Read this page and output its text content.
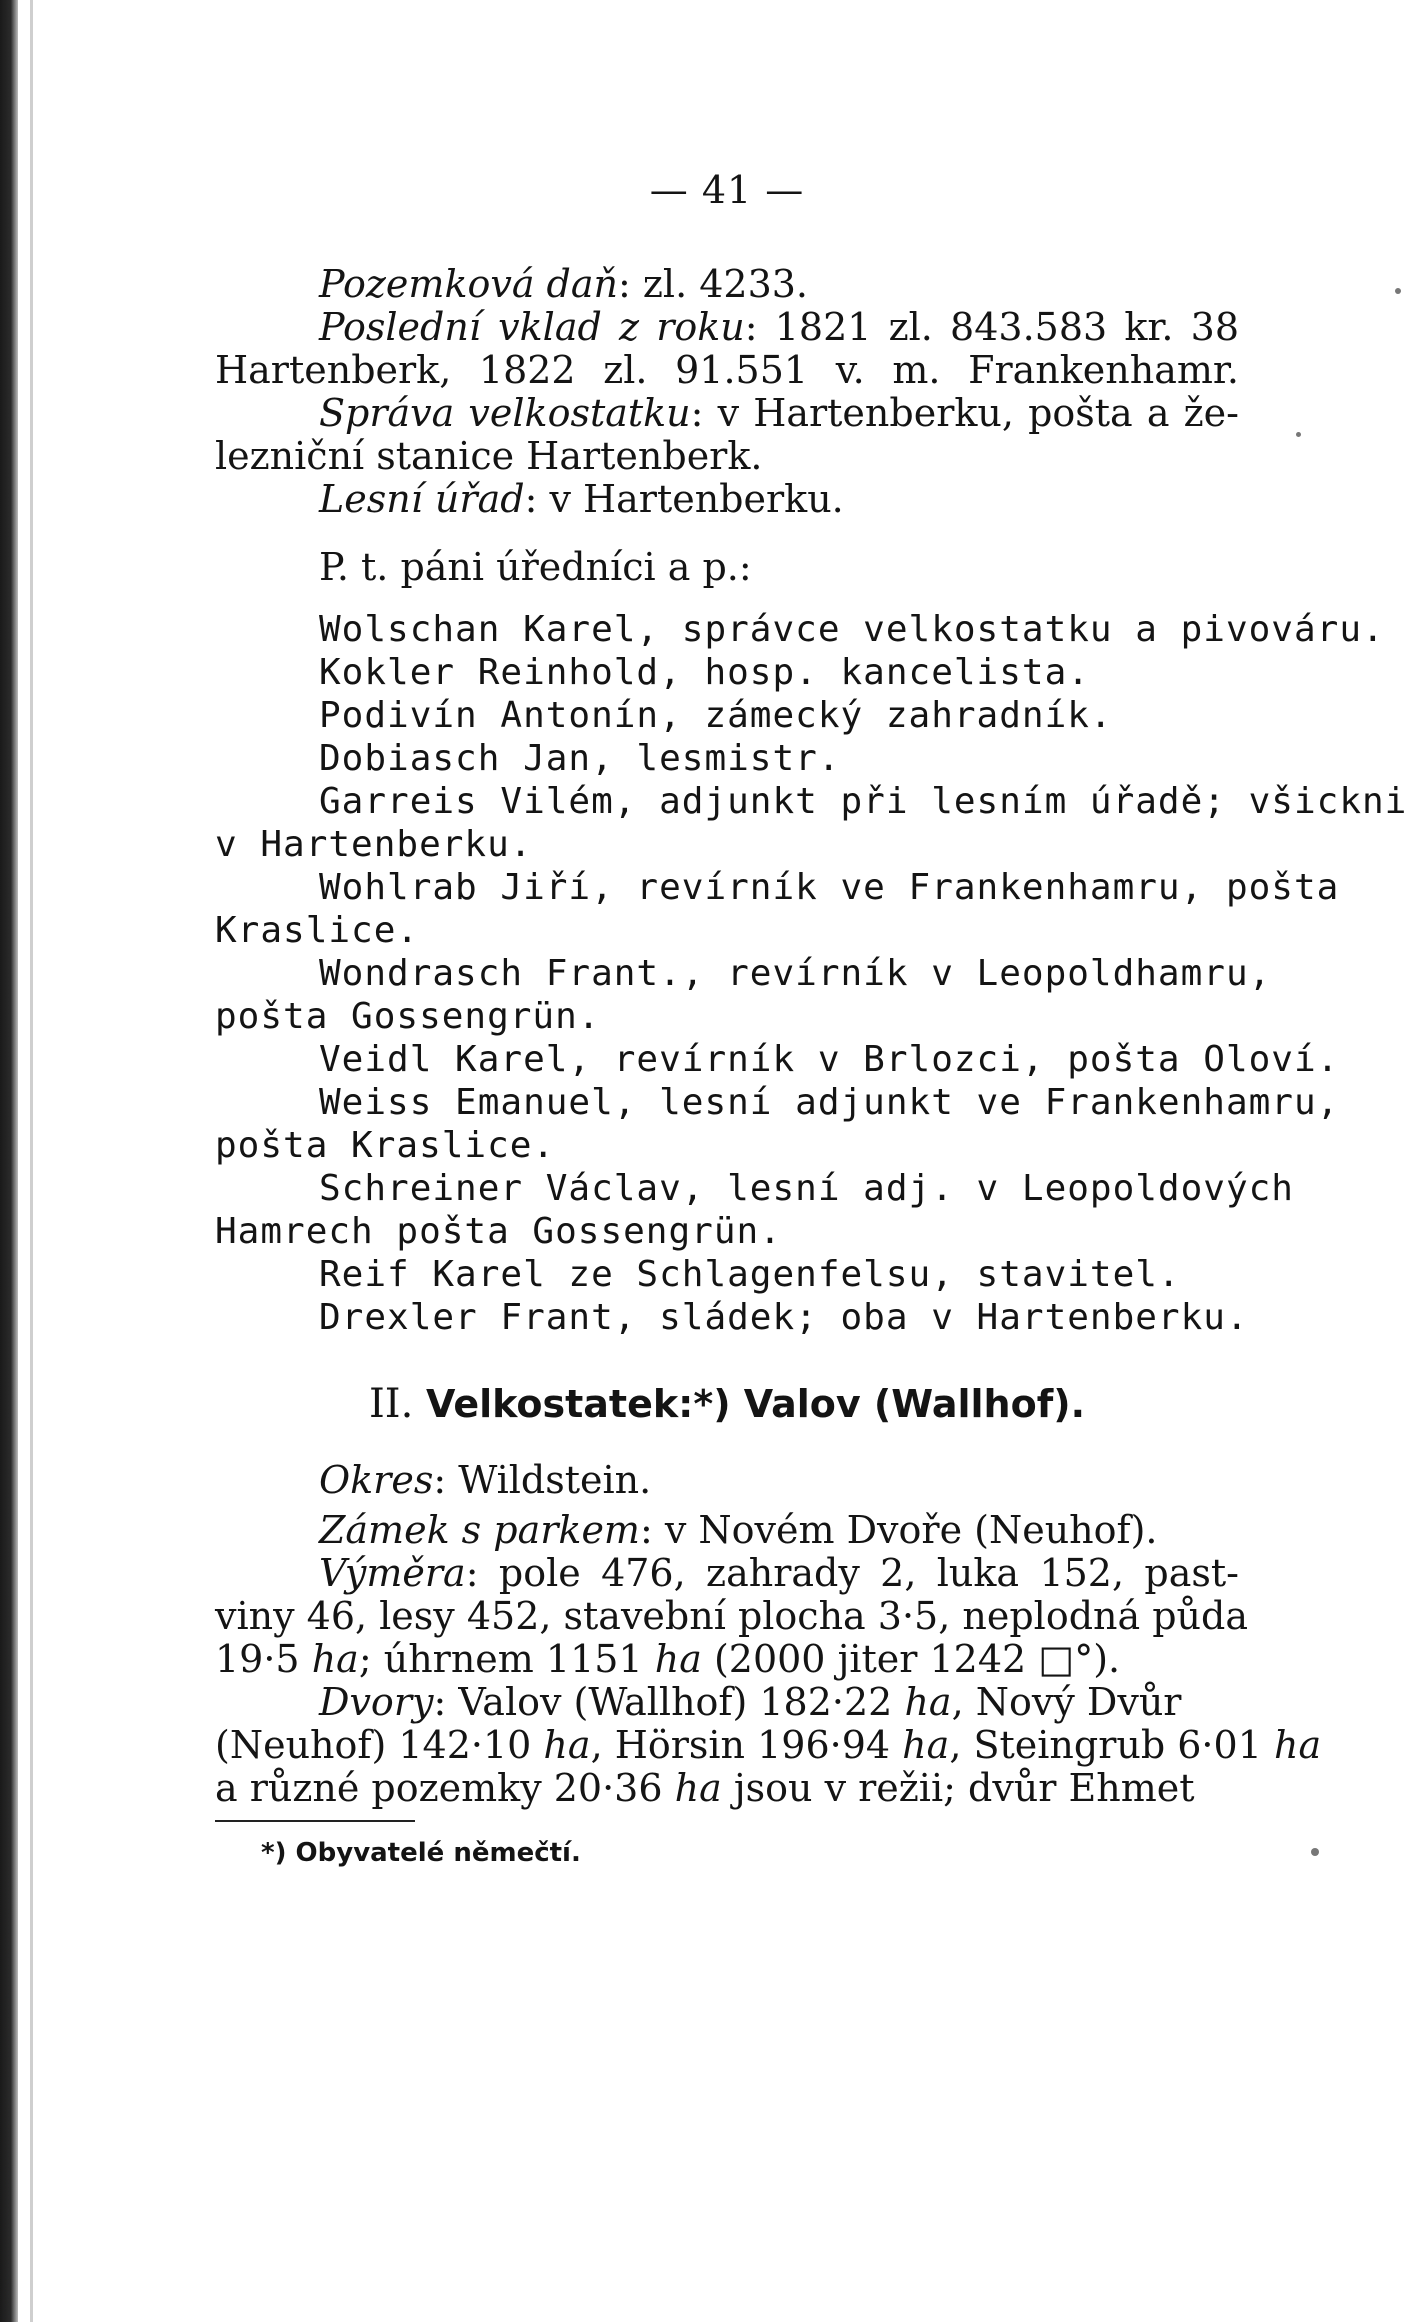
— 41 —
Pozemková daň: zl. 4233.
Poslední vklad z roku: 1821 zl. 843.583 kr. 38
Hartenberk, 1822 zl. 91.551 v. m. Frankenhamr.
Správa velkostatku: v Hartenberku, pošta a že-
lezniční stanice Hartenberk.
Lesní úřad: v Hartenberku.
P. t. páni úředníci a p.:
Wolschan Karel, správce velkostatku a pivováru.
Kokler Reinhold, hosp. kancelista.
Podivín Antonín, zámecký zahradník.
Dobiasch Jan, lesmistr.
Garreis Vilém, adjunkt při lesním úřadě; všickni
v Hartenberku.
Wohlrab Jiří, revírník ve Frankenhamru, pošta
Kraslice.
Wondrasch Frant., revírník v Leopoldhamru,
pošta Gossengrün.
Veidl Karel, revírník v Brlozci, pošta Oloví.
Weiss Emanuel, lesní adjunkt ve Frankenhamru,
pošta Kraslice.
Schreiner Václav, lesní adj. v Leopoldových
Hamrech pošta Gossengrün.
Reif Karel ze Schlagenfelsu, stavitel.
Drexler Frant, sládek; oba v Hartenberku.
II. Velkostatek:*) Valov (Wallhof).
Okres: Wildstein.
Zámek s parkem: v Novém Dvoře (Neuhof).
Výměra: pole 476, zahrady 2, luka 152, past-
viny 46, lesy 452, stavební plocha 3·5, neplodná půda
19·5 ha; úhrnem 1151 ha (2000 jiter 1242 □°).
Dvory: Valov (Wallhof) 182·22 ha, Nový Dvůr
(Neuhof) 142·10 ha, Hörsin 196·94 ha, Steingrub 6·01 ha
a různé pozemky 20·36 ha jsou v režii; dvůr Ehmet
*) Obyvatelé němečtí.
